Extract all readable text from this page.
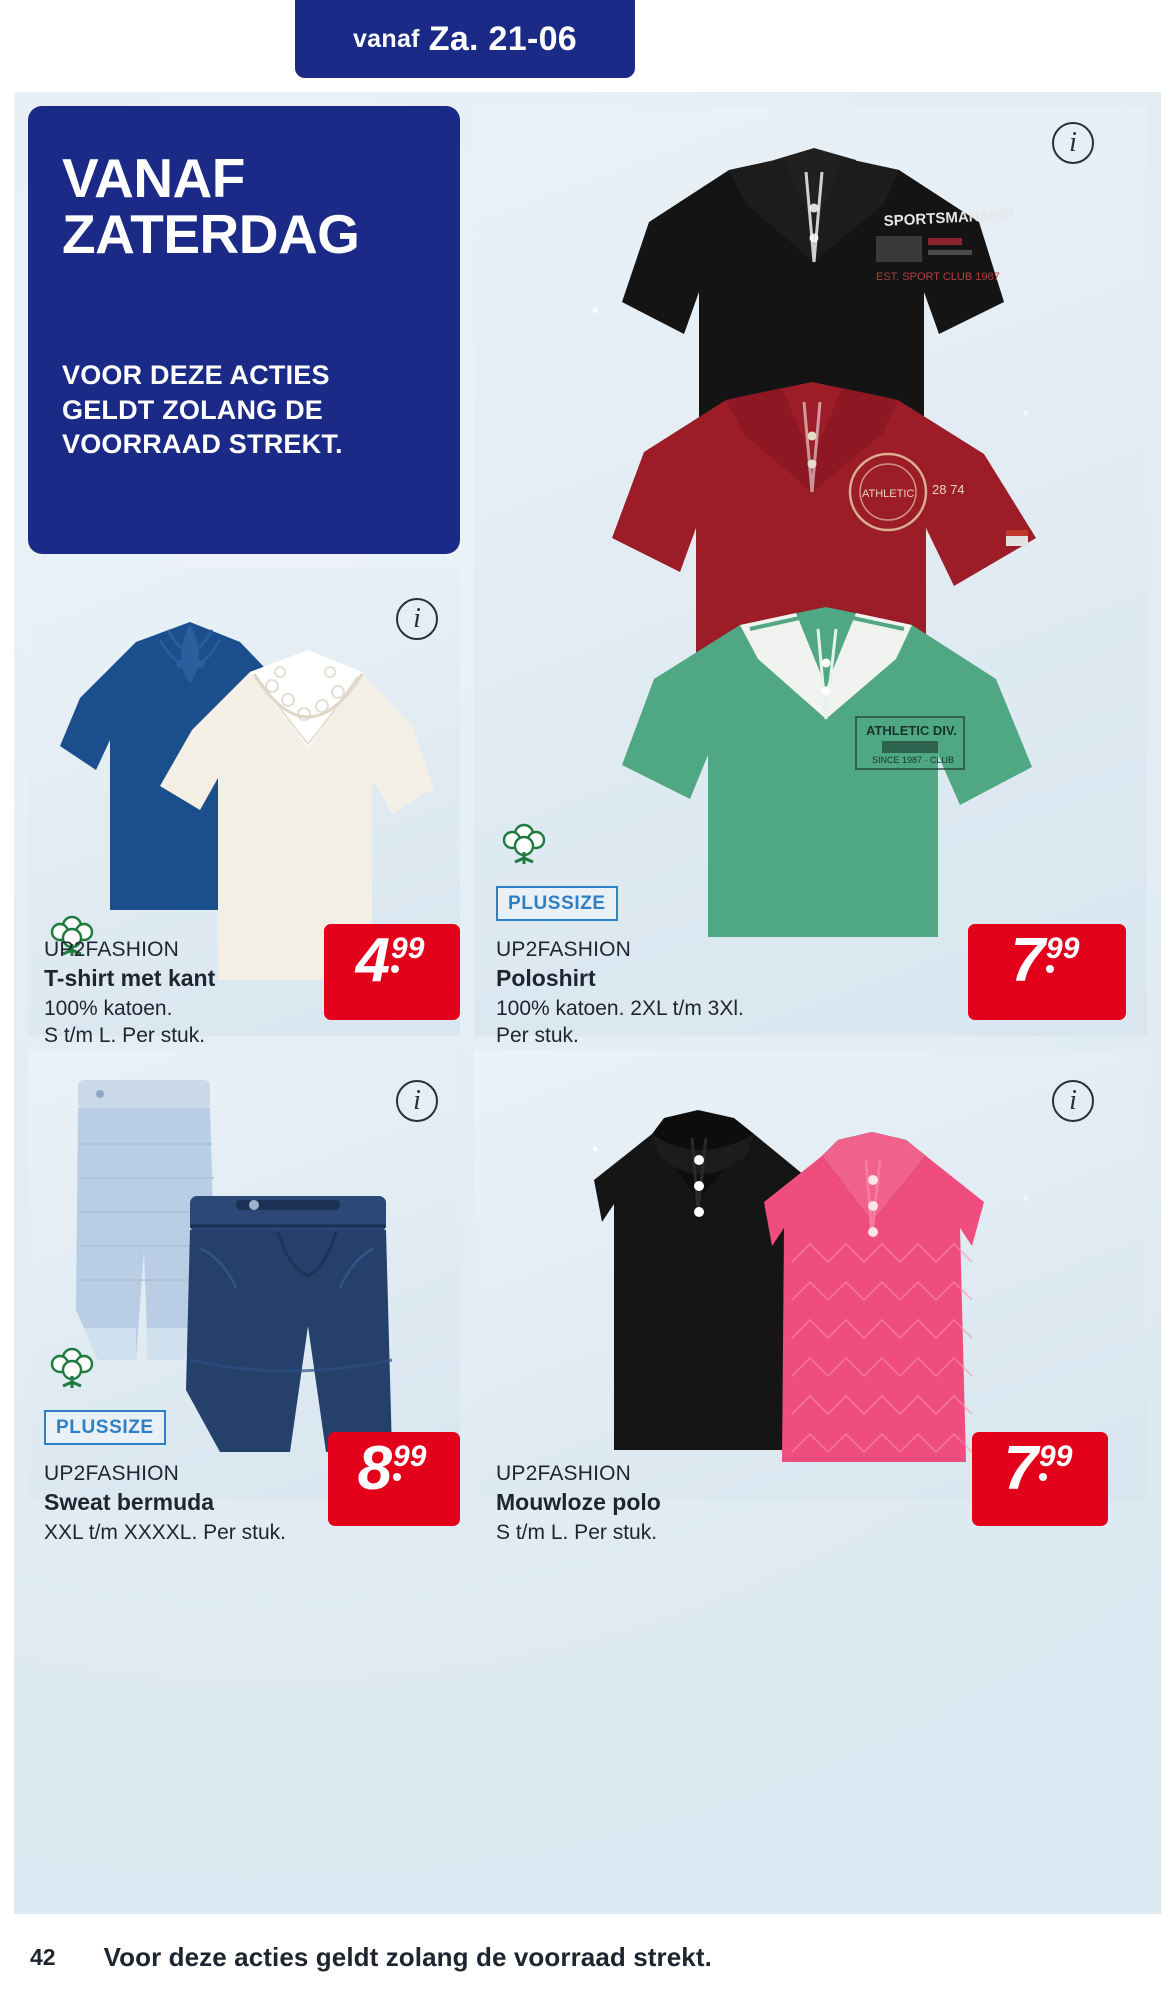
vanaf Za. 21-06
VANAF
ZATERDAG
VOOR DEZE ACTIES
GELDT ZOLANG DE
VOORRAAD STREKT.
SPORTSMANSHIP
EST. SPORT CLUB 1987
ATHLETIC 28 74
ATHLETIC DIV.
SINCE 1987 · CLUB
i
PLUSSIZE
UP2FASHION
Poloshirt
100% katoen. 2XL t/m 3Xl.
Per stuk.
7 99
i
UP2FASHION
T-shirt met kant
100% katoen.
S t/m L. Per stuk.
4 99
i
PLUSSIZE
UP2FASHION
Sweat bermuda
XXL t/m XXXXL. Per stuk.
8 99
i
UP2FASHION
Mouwloze polo
S t/m L. Per stuk.
7 99
42 Voor deze acties geldt zolang de voorraad strekt.
